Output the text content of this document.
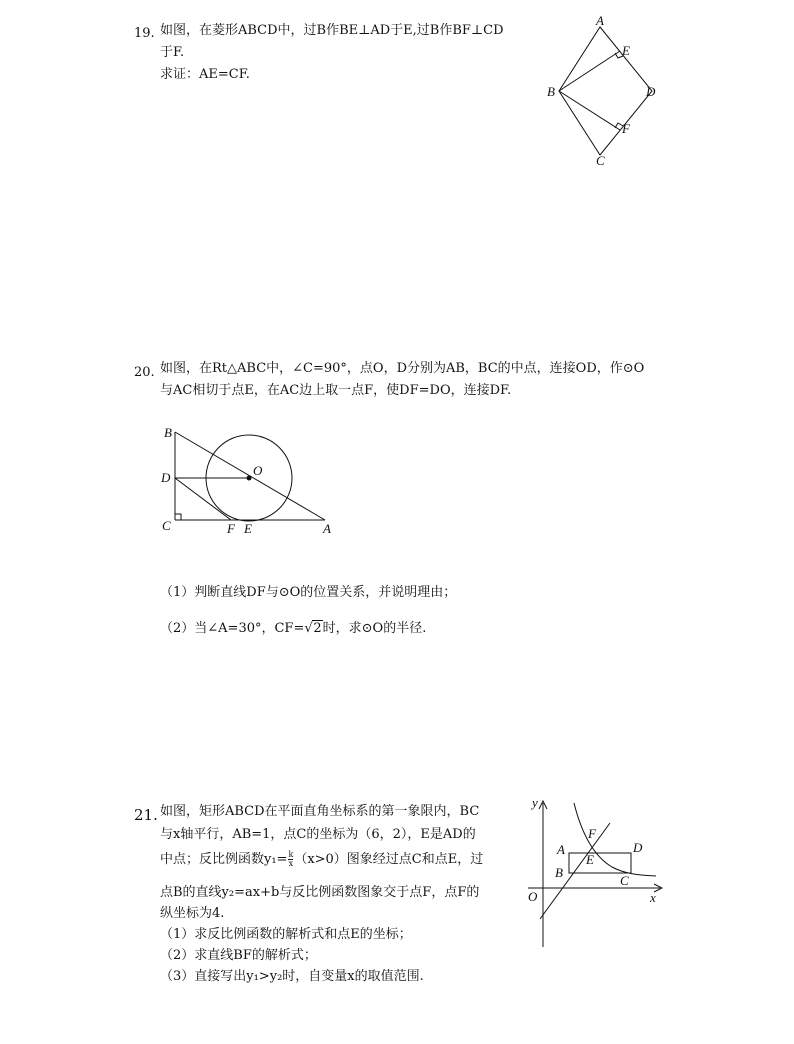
19. 如图，在菱形ABCD中，过B作BE⊥AD于E,过B作BF⊥CD
于F.
求证：AE=CF.
A
E
B	D
F
C
20. 如图，在Rt△ABC中，∠C=90°，点O，D分别为AB，BC的中点，连接OD，作⊙O
与AC相切于点E，在AC边上取一点F，使DF=DO，连接DF.
B
O
D
C	F E	A
（1）判断直线DF与⊙O的位置关系，并说明理由；
（2）当∠A=30°，CF= √ 2时，求⊙O的半径.
21. 如图，矩形ABCD在平面直角坐标系的第一象限内，BC
与x轴平行，AB=1，点C的坐标为（6，2），E是AD的
中点；反比例函数$y_1= \frac{k}{x} (x>0)$图象经过点C和点E，过
点B的直线y₂=ax+b与反比例函数图象交于点F，点F的
纵坐标为4.
（1）求反比例函数的解析式和点E的坐标；
（2）求直线BF的解析式；
（3）直接写出y₁>y₂时，自变量x的取值范围.
y
x
O
A
B
C
D
E
F
